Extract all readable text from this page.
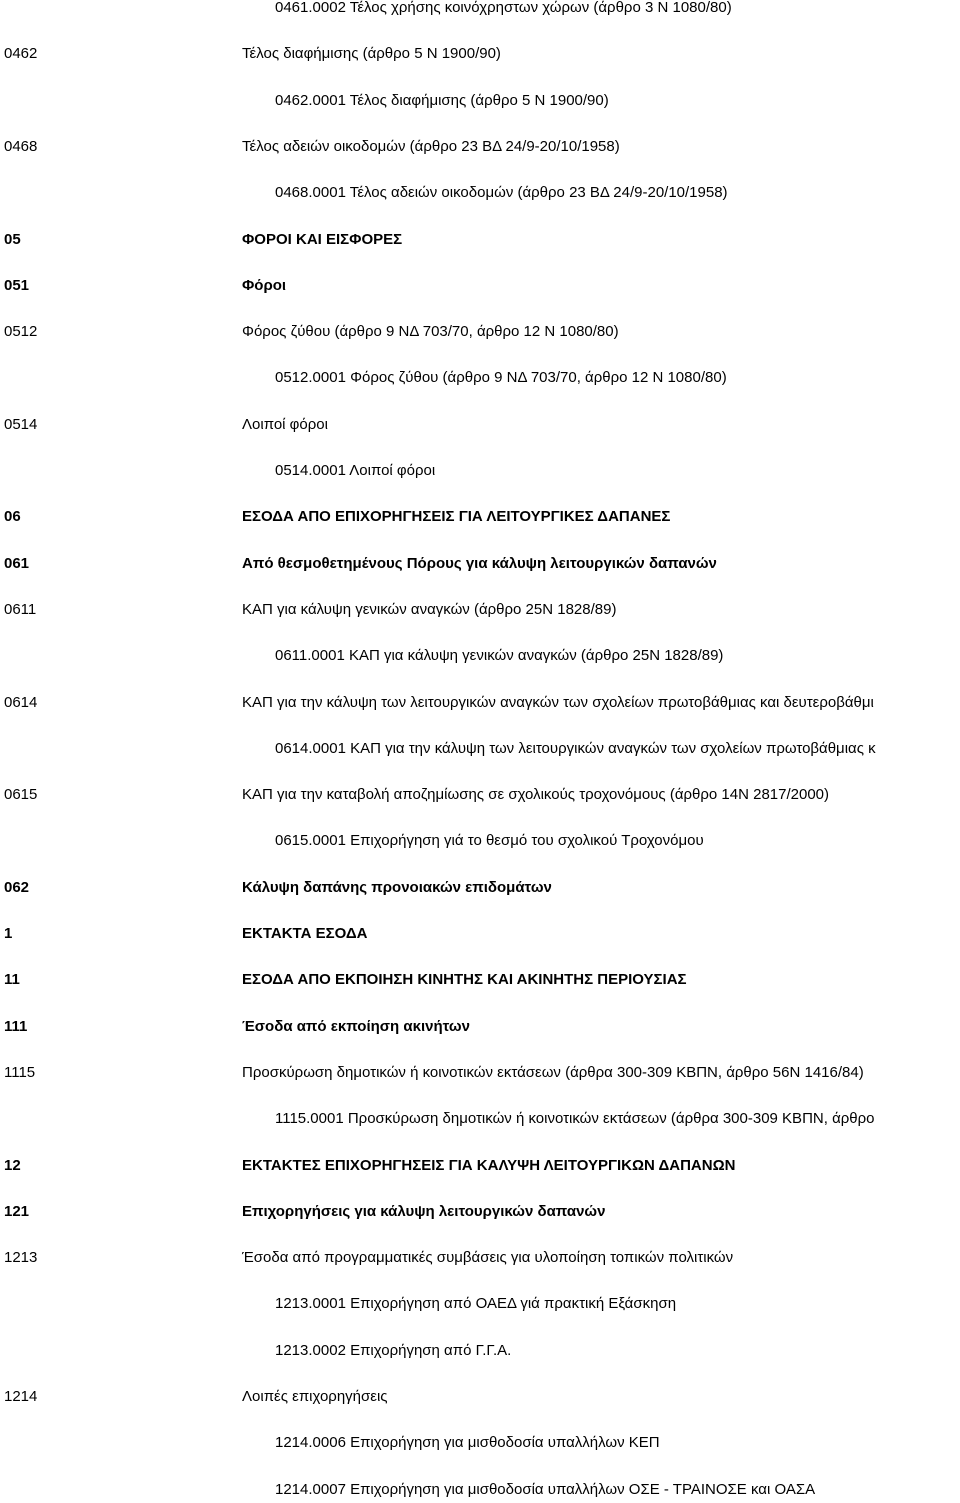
0461.0002 Τέλος χρήσης κοινόχρηστων χώρων (άρθρο 3 Ν 1080/80)
0462	Τέλος διαφήμισης (άρθρο 5 Ν 1900/90)
0462.0001 Τέλος διαφήμισης (άρθρο 5 Ν 1900/90)
0468	Τέλος αδειών οικοδομών (άρθρο 23 ΒΔ 24/9-20/10/1958)
0468.0001 Τέλος αδειών οικοδομών (άρθρο 23 ΒΔ 24/9-20/10/1958)
05	ΦΟΡΟΙ ΚΑΙ ΕΙΣΦΟΡΕΣ
051	Φόροι
0512	Φόρος ζύθου (άρθρο 9 ΝΔ 703/70, άρθρο 12 Ν 1080/80)
0512.0001 Φόρος ζύθου (άρθρο 9 ΝΔ 703/70, άρθρο 12 Ν 1080/80)
0514	Λοιποί φόροι
0514.0001 Λοιποί φόροι
06	ΕΣΟΔΑ ΑΠΟ ΕΠΙΧΟΡΗΓΗΣΕΙΣ ΓΙΑ ΛΕΙΤΟΥΡΓΙΚΕΣ ΔΑΠΑΝΕΣ
061	Από θεσμοθετημένους Πόρους για κάλυψη λειτουργικών δαπανών
0611	ΚΑΠ για κάλυψη γενικών αναγκών (άρθρο 25Ν 1828/89)
0611.0001 ΚΑΠ για κάλυψη γενικών αναγκών (άρθρο 25Ν 1828/89)
0614	ΚΑΠ για την κάλυψη των λειτουργικών αναγκών των σχολείων πρωτοβάθμιας και δευτεροβάθμι
0614.0001 ΚΑΠ για την κάλυψη των λειτουργικών αναγκών των σχολείων πρωτοβάθμιας κ
0615	ΚΑΠ για την καταβολή αποζημίωσης σε σχολικούς τροχονόμους (άρθρο 14Ν 2817/2000)
0615.0001 Επιχορήγηση γιά το θεσμό του σχολικού Τροχονόμου
062	Κάλυψη δαπάνης προνοιακών επιδομάτων
1	ΕΚΤΑΚΤΑ ΕΣΟΔΑ
11	ΕΣΟΔΑ ΑΠΟ ΕΚΠΟΙΗΣΗ ΚΙΝΗΤΗΣ ΚΑΙ ΑΚΙΝΗΤΗΣ ΠΕΡΙΟΥΣΙΑΣ
111	Έσοδα από εκποίηση ακινήτων
1115	Προσκύρωση δημοτικών ή κοινοτικών εκτάσεων (άρθρα 300-309 ΚΒΠΝ, άρθρο 56Ν 1416/84)
1115.0001 Προσκύρωση δημοτικών ή κοινοτικών εκτάσεων (άρθρα 300-309 ΚΒΠΝ, άρθρο
12	ΕΚΤΑΚΤΕΣ ΕΠΙΧΟΡΗΓΗΣΕΙΣ ΓΙΑ ΚΑΛΥΨΗ ΛΕΙΤΟΥΡΓΙΚΩΝ ΔΑΠΑΝΩΝ
121	Επιχορηγήσεις για κάλυψη λειτουργικών δαπανών
1213	Έσοδα από προγραμματικές συμβάσεις για υλοποίηση τοπικών πολιτικών
1213.0001 Επιχορήγηση από ΟΑΕΔ γιά πρακτική Εξάσκηση
1213.0002 Επιχορήγηση από Γ.Γ.Α.
1214	Λοιπές επιχορηγήσεις
1214.0006 Επιχορήγηση για μισθοδοσία υπαλλήλων ΚΕΠ
1214.0007 Επιχορήγηση για μισθοδοσία υπαλλήλων ΟΣΕ - ΤΡΑΙΝΟΣΕ και ΟΑΣΑ
